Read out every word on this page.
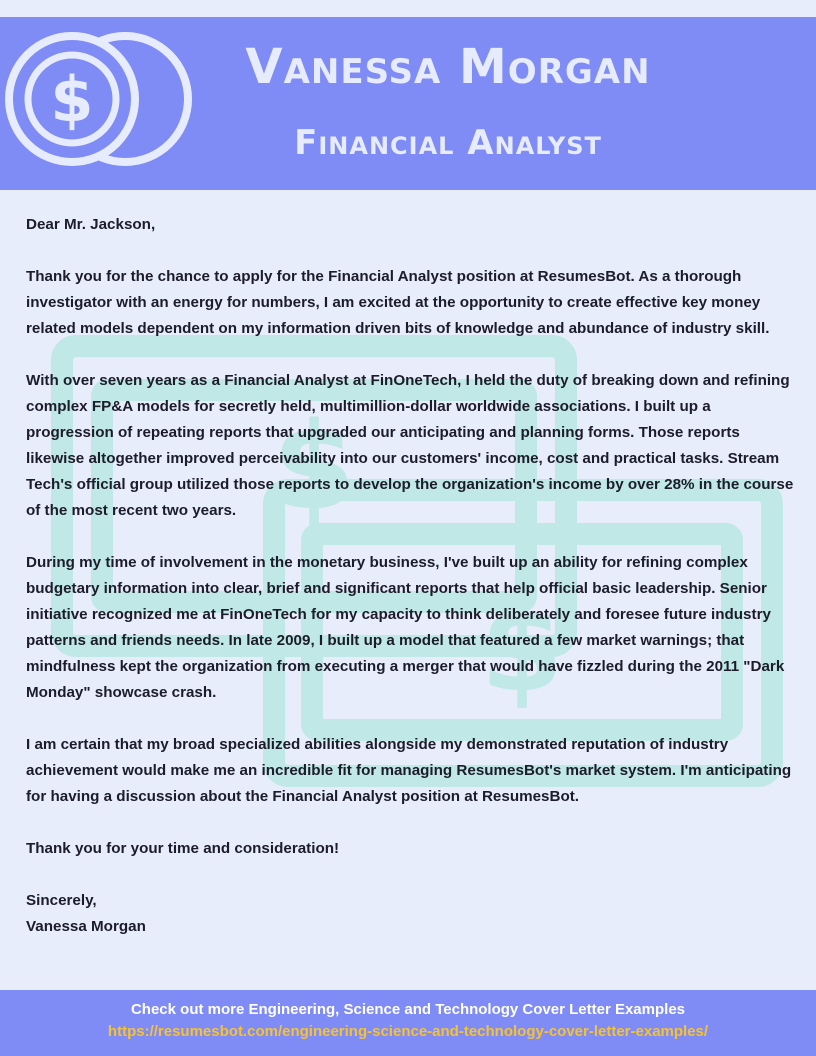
$	Vanessa Morgan
Financial Analyst
$
$

Dear Mr. Jackson,

Thank you for the chance to apply for the Financial Analyst position at ResumesBot. As a thorough investigator with an energy for numbers, I am excited at the opportunity to create effective key money related models dependent on my information driven bits of knowledge and abundance of industry skill.

With over seven years as a Financial Analyst at FinOneTech, I held the duty of breaking down and refining complex FP&A models for secretly held, multimillion-dollar worldwide associations. I built up a progression of repeating reports that upgraded our anticipating and planning forms. Those reports likewise altogether improved perceivability into our customers' income, cost and practical tasks. Stream Tech's official group utilized those reports to develop the organization's income by over 28% in the course of the most recent two years.

During my time of involvement in the monetary business, I've built up an ability for refining complex budgetary information into clear, brief and significant reports that help official basic leadership. Senior initiative recognized me at FinOneTech for my capacity to think deliberately and foresee future industry patterns and friends needs. In late 2009, I built up a model that featured a few market warnings; that mindfulness kept the organization from executing a merger that would have fizzled during the 2011 "Dark Monday" showcase crash.

I am certain that my broad specialized abilities alongside my demonstrated reputation of industry achievement would make me an incredible fit for managing ResumesBot's market system. I'm anticipating for having a discussion about the Financial Analyst position at ResumesBot.

Thank you for your time and consideration!

Sincerely,

Vanessa Morgan

Check out more Engineering, Science and Technology Cover Letter Examples
https://resumesbot.com/engineering-science-and-technology-cover-letter-examples/
